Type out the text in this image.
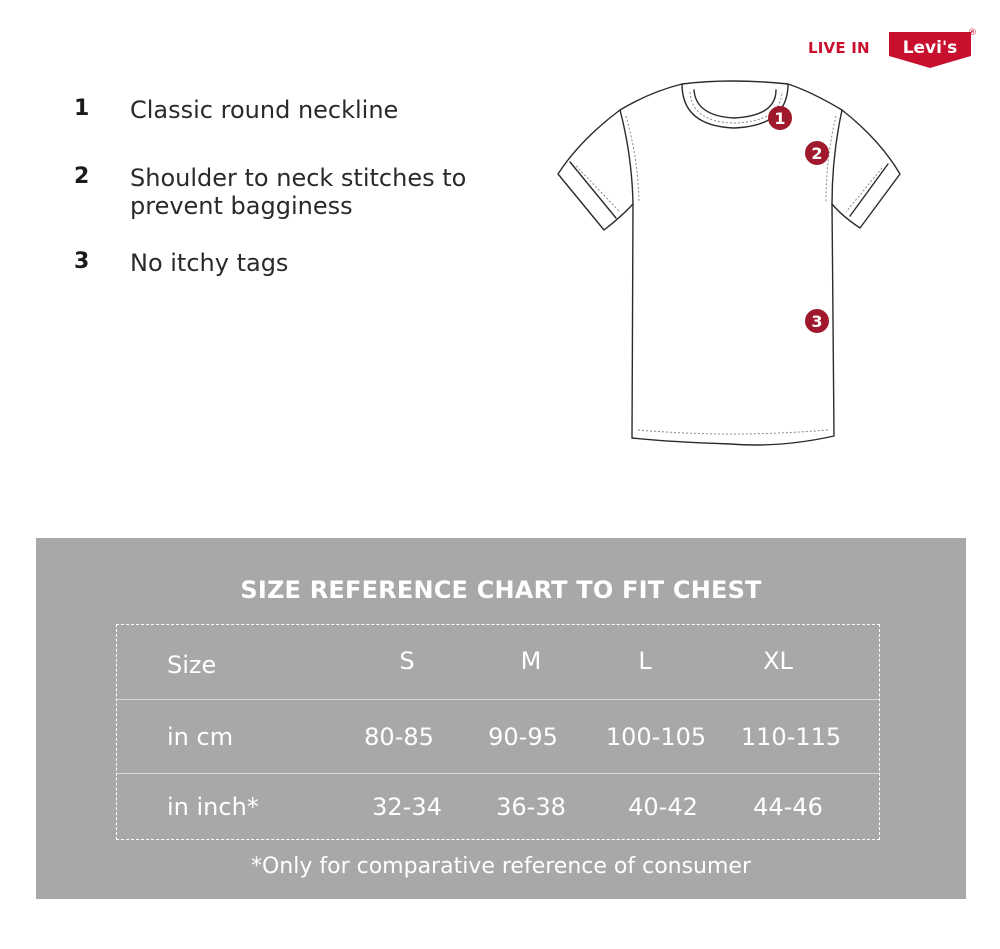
1 Classic round neckline
2 Shoulder to neck stitches to prevent bagginess
3 No itchy tags
LIVE IN	Levi's
®
1
2
3
SIZE REFERENCE CHART TO FIT CHEST
Size	S	M	L	XL
in cm	80-85 90-95 100-105 110-115
in inch*	32-34 36-38	40-42 44-46
*Only for comparative reference of consumer
